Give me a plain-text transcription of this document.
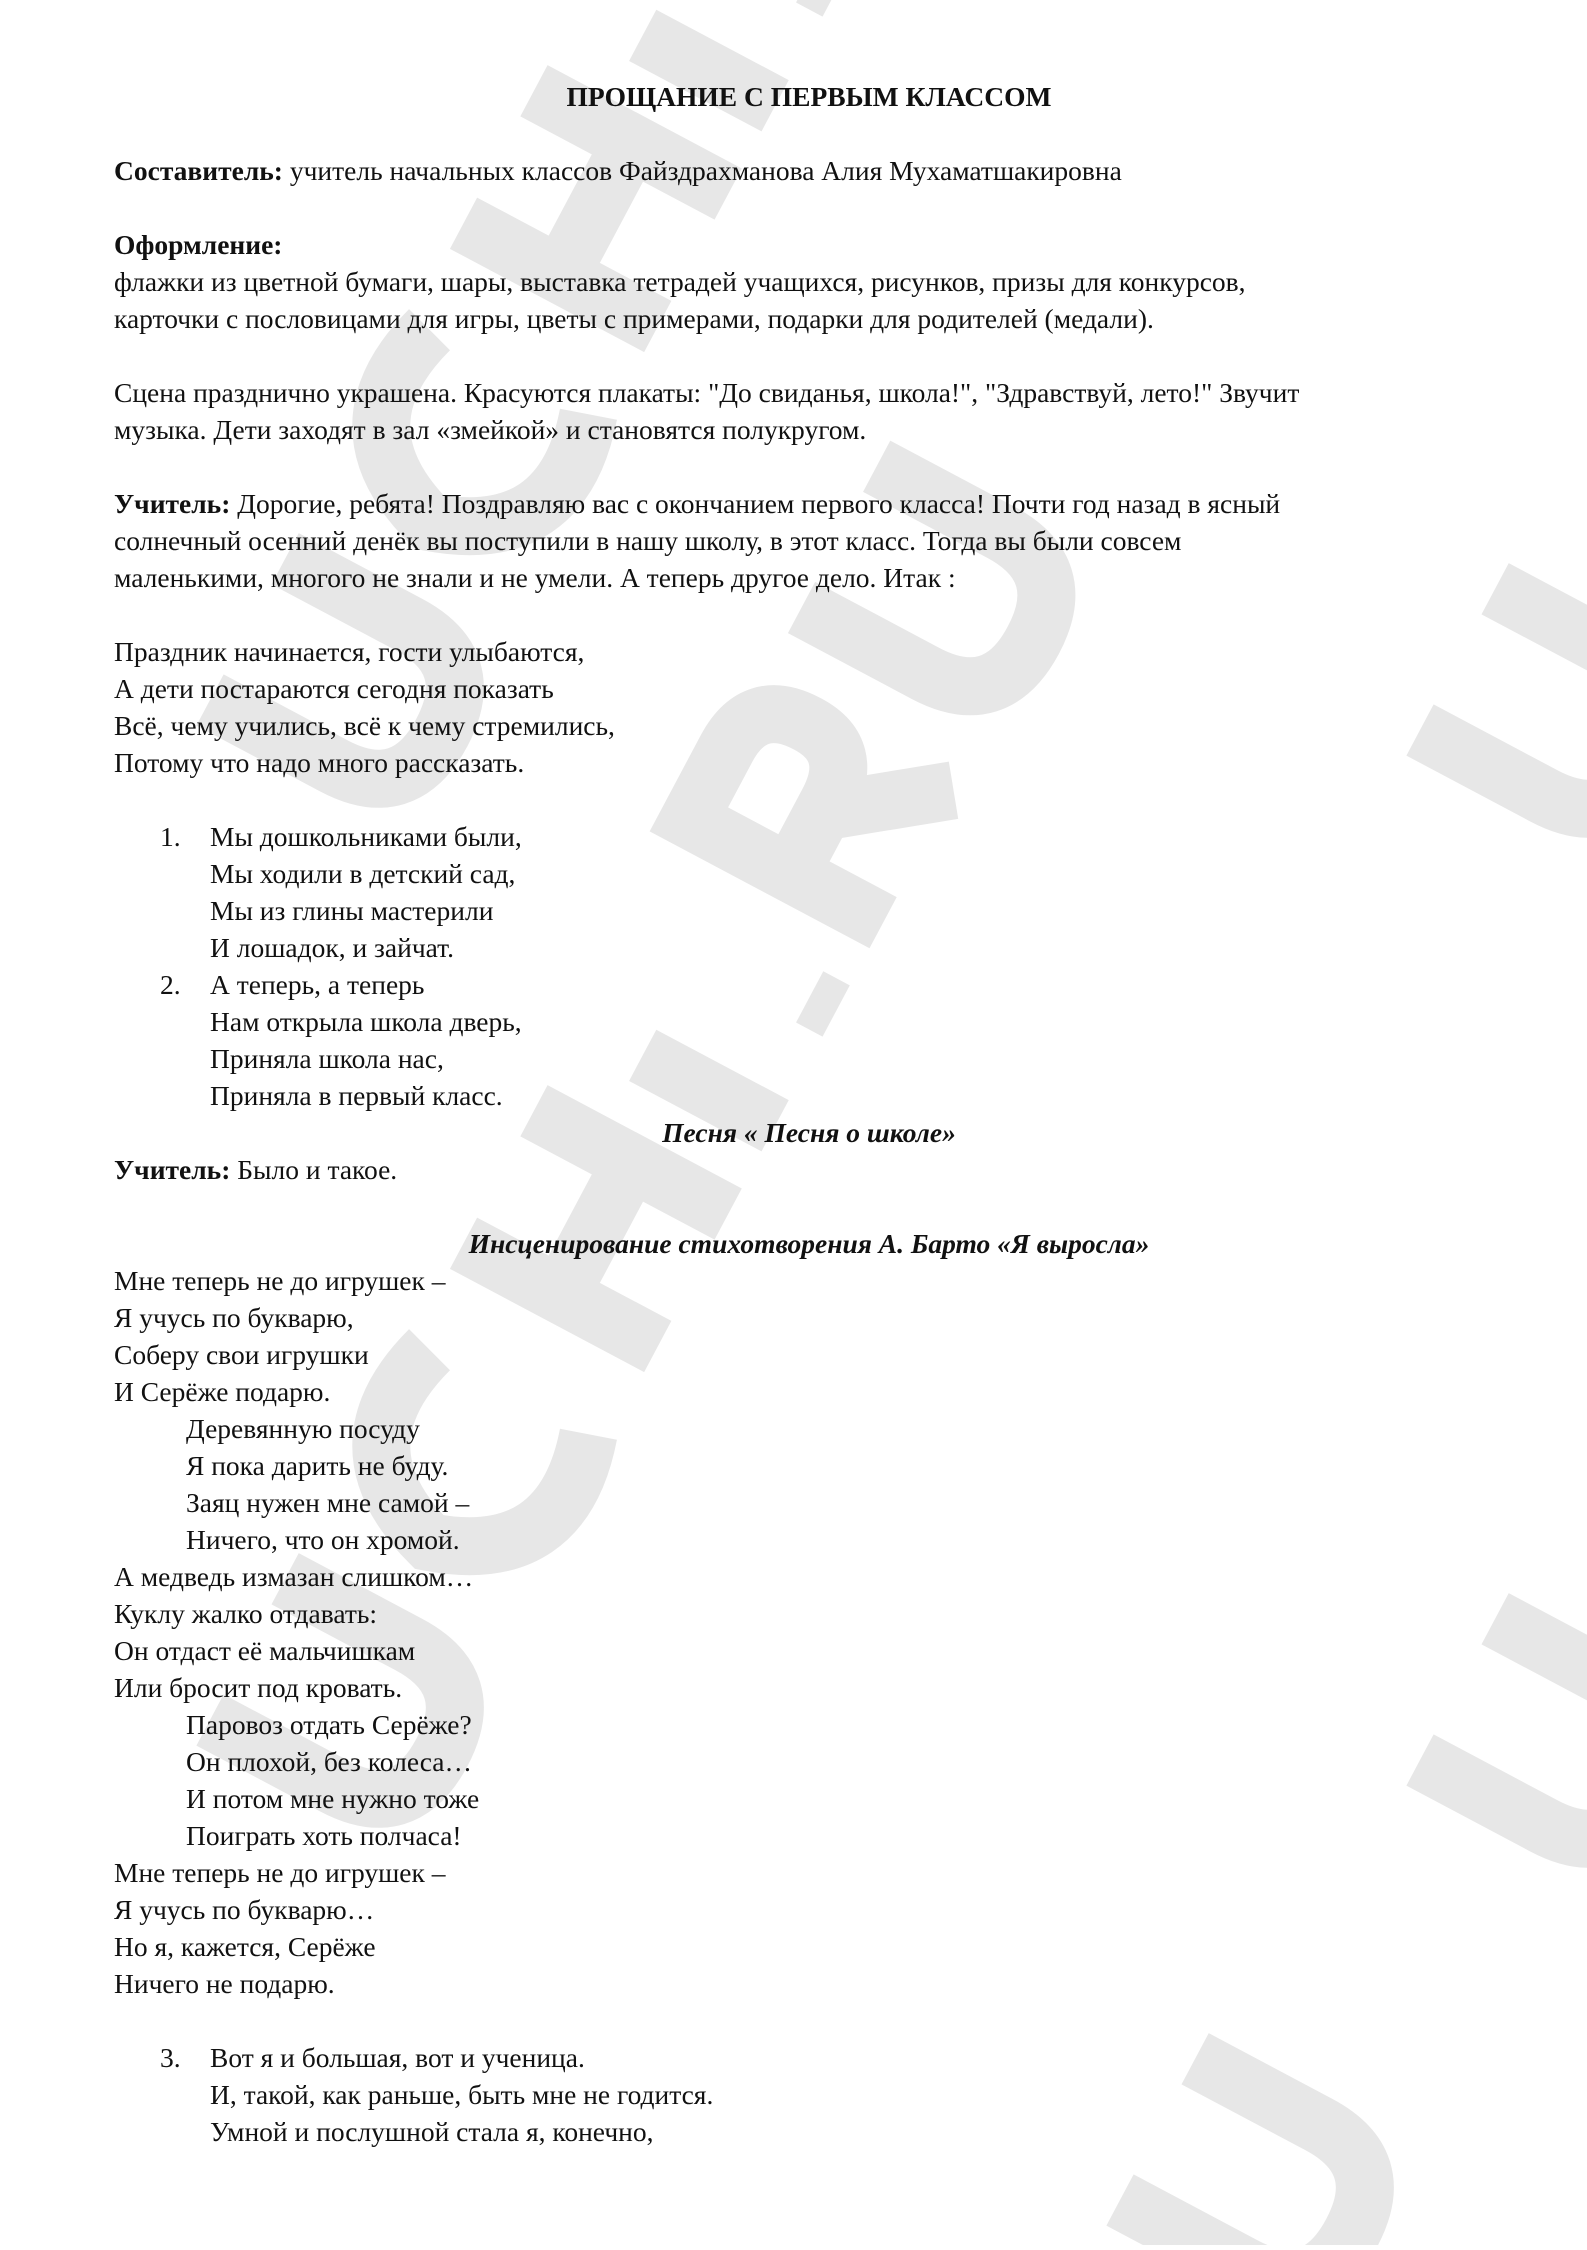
ПРОЩАНИЕ С ПЕРВЫМ КЛАССОМ
Составитель: учитель начальных классов Файздрахманова Алия Мухаматшакировна
Оформление:
флажки из цветной бумаги, шары, выставка тетрадей учащихся, рисунков, призы для конкурсов,
карточки с пословицами для игры, цветы с примерами, подарки для родителей (медали).
Сцена празднично украшена. Красуются плакаты: "До свиданья, школа!", "Здравствуй, лето!" Звучит
музыка. Дети заходят в зал «змейкой» и становятся полукругом.
Учитель: Дорогие, ребята! Поздравляю вас с окончанием первого класса! Почти год назад в ясный
солнечный осенний денёк вы поступили в нашу школу, в этот класс. Тогда вы были совсем
маленькими, многого не знали и не умели. А теперь другое дело. Итак :
Праздник начинается, гости улыбаются,
А дети постараются сегодня показать
Всё, чему учились, всё к чему стремились,
Потому что надо много рассказать.
1. Мы дошкольниками были,
Мы ходили в детский сад,
Мы из глины мастерили
И лошадок, и зайчат.
2. А теперь, а теперь
Нам открыла школа дверь,
Приняла школа нас,
Приняла в первый класс.
Песня « Песня о школе»
Учитель: Было и такое.
Инсценирование стихотворения А. Барто «Я выросла»
Мне теперь не до игрушек –
Я учусь по букварю,
Соберу свои игрушки
И Серёже подарю.
Деревянную посуду
Я пока дарить не буду.
Заяц нужен мне самой –
Ничего, что он хромой.
А медведь измазан слишком…
Куклу жалко отдавать:
Он отдаст её мальчишкам
Или бросит под кровать.
Паровоз отдать Серёже?
Он плохой, без колеса…
И потом мне нужно тоже
Поиграть хоть полчаса!
Мне теперь не до игрушек –
Я учусь по букварю…
Но я, кажется, Серёже
Ничего не подарю.
3. Вот я и большая, вот и ученица.
И, такой, как раньше, быть мне не годится.
Умной и послушной стала я, конечно,
